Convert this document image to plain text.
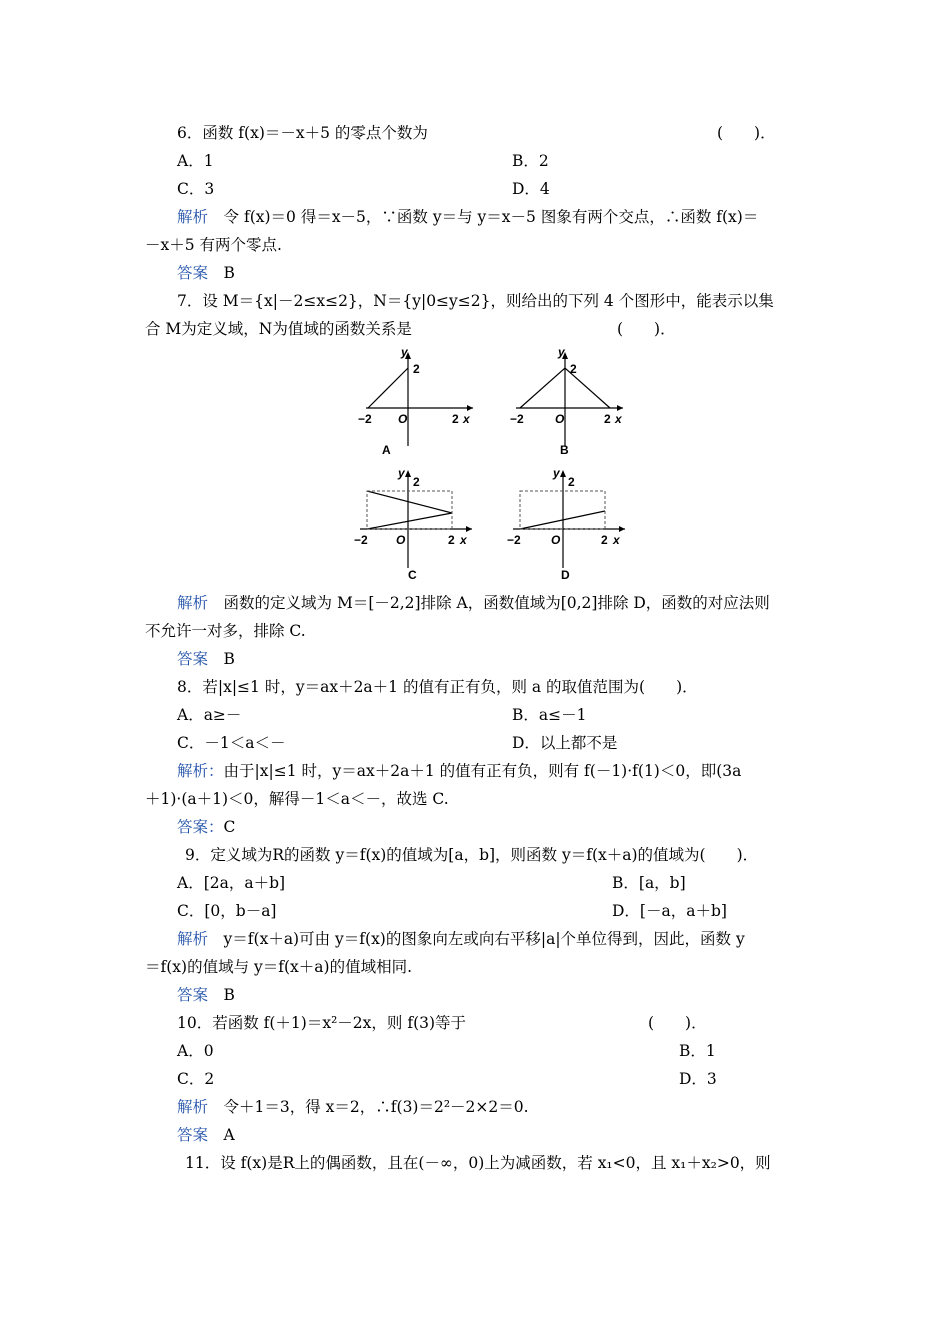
6．函数 f(x)＝－x＋5 的零点个数为	(　　)．
A．1	B．2
C．3	D．4
解析　 令 f(x)＝0 得＝x－5，∵函数 y＝与 y＝x－5 图象有两个交点，∴函数 f(x)＝
－x＋5 有两个零点.
答案　 B
7．设 M＝{x|－2≤x≤2}，N＝{y|0≤y≤2}，则给出的下列 4 个图形中，能表示以集
合 M为定义域，N为值域的函数关系是	(　　)．
y
2
−2 O	2 x
A
y
2
−2	O	2 x
B
y
2
−2 O	2 x
C
y
2
−2	O	2 x
D
解析　 函数的定义域为 M＝[－2,2]排除 A，函数值域为[0,2]排除 D，函数的对应法则
不允许一对多，排除 C.
答案　 B
8．若|x|≤1 时，y＝ax＋2a＋1 的值有正有负，则 a 的取值范围为(　　)．
A．a≥－	B．a≤－1
C．－1＜a＜－	D．以上都不是
解析：由于|x|≤1 时，y＝ax＋2a＋1 的值有正有负，则有 f(－1)·f(1)＜0，即(3a
＋1)·(a＋1)＜0，解得－1＜a＜－，故选 C.
答案：C
9．定义域为R的函数 y＝f(x)的值域为[a，b]，则函数 y＝f(x＋a)的值域为(　　)．
A．[2a，a＋b]	B．[a，b]
C．[0，b－a]	D．[－a，a＋b]
解析　 y＝f(x＋a)可由 y＝f(x)的图象向左或向右平移|a|个单位得到，因此，函数 y
＝f(x)的值域与 y＝f(x＋a)的值域相同.
答案　 B
10．若函数 f(＋1)＝x²－2x，则 f(3)等于	(　　)．
A．0	B．1
C．2	D．3
解析　 令＋1＝3，得 x＝2，∴f(3)＝2²－2×2＝0.
答案　 A
11．设 f(x)是R上的偶函数，且在(－∞，0)上为减函数，若 x₁<0，且 x₁＋x₂>0，则
